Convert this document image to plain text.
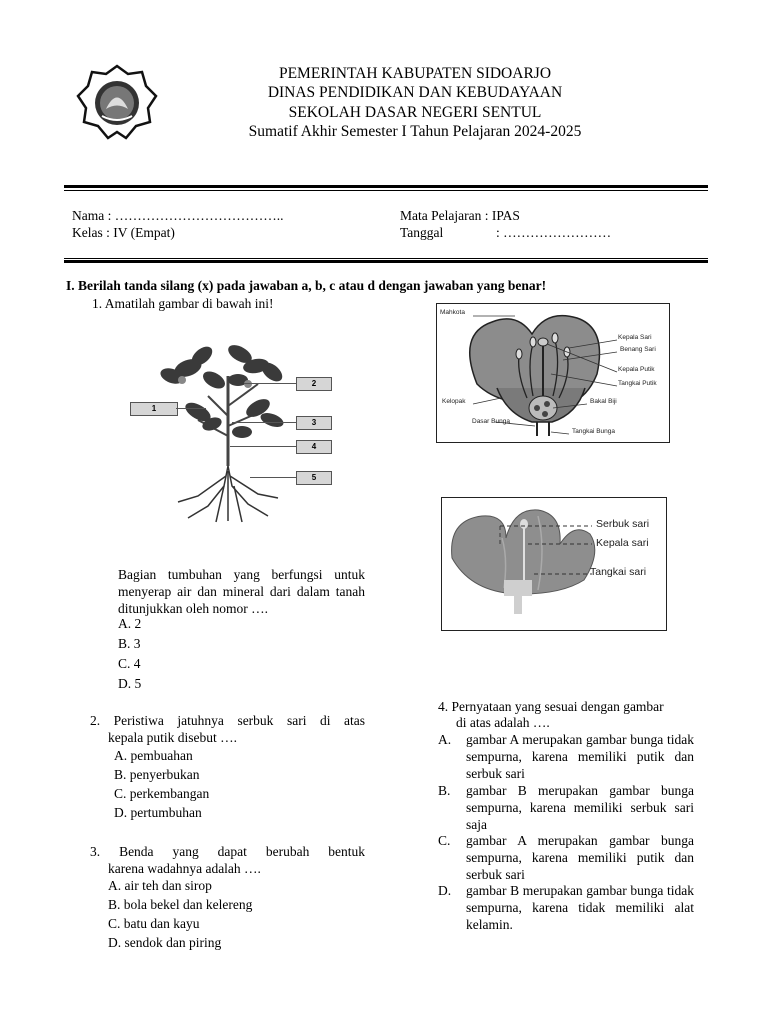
PEMERINTAH KABUPATEN SIDOARJO
DINAS PENDIDIKAN DAN KEBUDAYAAN
SEKOLAH DASAR NEGERI SENTUL
Sumatif Akhir Semester I Tahun Pelajaran 2024-2025
Nama : ………………………………..
Kelas : IV (Empat)
Mata Pelajaran : IPAS
Tanggal	: ……………………
I. Berilah tanda silang (x) pada jawaban a, b, c atau d dengan jawaban yang benar!
1. Amatilah gambar di bawah ini!
1
2
3
4
5
Bagian tumbuhan yang berfungsi untuk menyerap air dan mineral dari dalam tanah ditunjukkan oleh nomor ….
A. 2
B. 3
C. 4
D. 5
2. Peristiwa jatuhnya serbuk sari di atas
kepala putik disebut ….
A. pembuahan
B. penyerbukan
C. perkembangan
D. pertumbuhan
3. Benda yang dapat berubah bentuk
karena wadahnya adalah ….
A. air teh dan sirop
B. bola bekel dan kelereng
C. batu dan kayu
D. sendok dan piring
Mahkota
Kepala Sari
Benang Sari
Kepala Putik
Tangkai Putik
Kelopak	Bakal Biji
Dasar Bunga
Tangkai Bunga
Serbuk sari
Kepala sari
Tangkai sari
4. Pernyataan yang sesuai dengan gambar
di atas adalah ….
A. gambar A merupakan gambar bunga tidak sempurna, karena memiliki putik dan serbuk sari
B. gambar B merupakan gambar bunga sempurna, karena memiliki serbuk sari saja
C. gambar A merupakan gambar bunga sempurna, karena memiliki putik dan serbuk sari
D. gambar B merupakan gambar bunga tidak sempurna, karena tidak memiliki alat kelamin.
